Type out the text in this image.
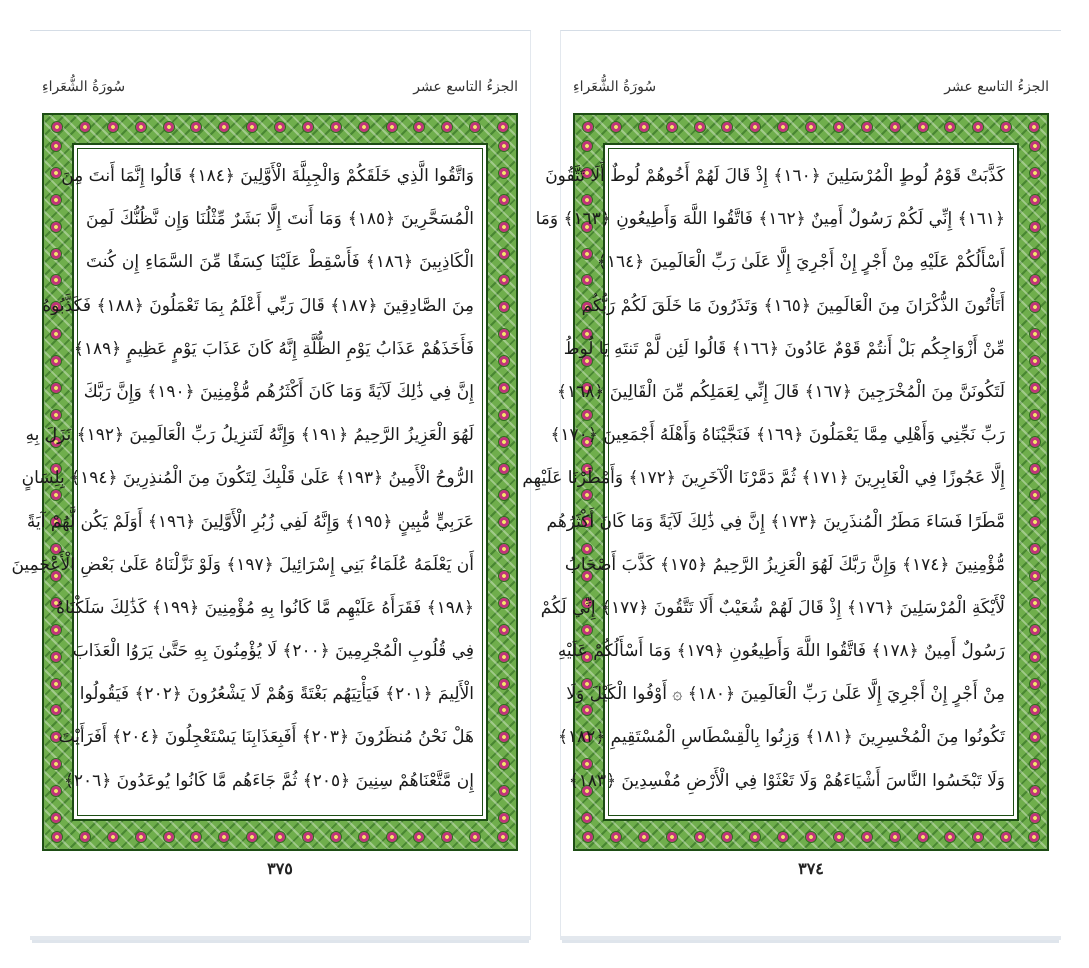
سُورَةُ الشُّعَراءِ	الجزءُ التاسع عشر
وَاتَّقُوا الَّذِي خَلَقَكُمْ وَالْجِبِلَّةَ الْأَوَّلِينَ ﴿١٨٤﴾ قَالُوا إِنَّمَا أَنتَ مِنَ
الْمُسَحَّرِينَ ﴿١٨٥﴾ وَمَا أَنتَ إِلَّا بَشَرٌ مِّثْلُنَا وَإِن نَّظُنُّكَ لَمِنَ
الْكَاذِبِينَ ﴿١٨٦﴾ فَأَسْقِطْ عَلَيْنَا كِسَفًا مِّنَ السَّمَاءِ إِن كُنتَ
مِنَ الصَّادِقِينَ ﴿١٨٧﴾ قَالَ رَبِّي أَعْلَمُ بِمَا تَعْمَلُونَ ﴿١٨٨﴾ فَكَذَّبُوهُ
فَأَخَذَهُمْ عَذَابُ يَوْمِ الظُّلَّةِ إِنَّهُ كَانَ عَذَابَ يَوْمٍ عَظِيمٍ ﴿١٨٩﴾
إِنَّ فِي ذَٰلِكَ لَآيَةً وَمَا كَانَ أَكْثَرُهُم مُّؤْمِنِينَ ﴿١٩٠﴾ وَإِنَّ رَبَّكَ
لَهُوَ الْعَزِيزُ الرَّحِيمُ ﴿١٩١﴾ وَإِنَّهُ لَتَنزِيلُ رَبِّ الْعَالَمِينَ ﴿١٩٢﴾ نَزَلَ بِهِ
الرُّوحُ الْأَمِينُ ﴿١٩٣﴾ عَلَىٰ قَلْبِكَ لِتَكُونَ مِنَ الْمُنذِرِينَ ﴿١٩٤﴾ بِلِسَانٍ
عَرَبِيٍّ مُّبِينٍ ﴿١٩٥﴾ وَإِنَّهُ لَفِي زُبُرِ الْأَوَّلِينَ ﴿١٩٦﴾ أَوَلَمْ يَكُن لَّهُمْ آيَةً
أَن يَعْلَمَهُ عُلَمَاءُ بَنِي إِسْرَائِيلَ ﴿١٩٧﴾ وَلَوْ نَزَّلْنَاهُ عَلَىٰ بَعْضِ الْأَعْجَمِينَ
﴿١٩٨﴾ فَقَرَأَهُ عَلَيْهِم مَّا كَانُوا بِهِ مُؤْمِنِينَ ﴿١٩٩﴾ كَذَٰلِكَ سَلَكْنَاهُ
فِي قُلُوبِ الْمُجْرِمِينَ ﴿٢٠٠﴾ لَا يُؤْمِنُونَ بِهِ حَتَّىٰ يَرَوُا الْعَذَابَ
الْأَلِيمَ ﴿٢٠١﴾ فَيَأْتِيَهُم بَغْتَةً وَهُمْ لَا يَشْعُرُونَ ﴿٢٠٢﴾ فَيَقُولُوا
هَلْ نَحْنُ مُنظَرُونَ ﴿٢٠٣﴾ أَفَبِعَذَابِنَا يَسْتَعْجِلُونَ ﴿٢٠٤﴾ أَفَرَأَيْتَ
إِن مَّتَّعْنَاهُمْ سِنِينَ ﴿٢٠٥﴾ ثُمَّ جَاءَهُم مَّا كَانُوا يُوعَدُونَ ﴿٢٠٦﴾
٣٧٥
سُورَةُ الشُّعَراءِ	الجزءُ التاسع عشر
كَذَّبَتْ قَوْمُ لُوطٍ الْمُرْسَلِينَ ﴿١٦٠﴾ إِذْ قَالَ لَهُمْ أَخُوهُمْ لُوطٌ أَلَا تَتَّقُونَ
﴿١٦١﴾ إِنِّي لَكُمْ رَسُولٌ أَمِينٌ ﴿١٦٢﴾ فَاتَّقُوا اللَّهَ وَأَطِيعُونِ ﴿١٦٣﴾ وَمَا
أَسْأَلُكُمْ عَلَيْهِ مِنْ أَجْرٍ إِنْ أَجْرِيَ إِلَّا عَلَىٰ رَبِّ الْعَالَمِينَ ﴿١٦٤﴾
أَتَأْتُونَ الذُّكْرَانَ مِنَ الْعَالَمِينَ ﴿١٦٥﴾ وَتَذَرُونَ مَا خَلَقَ لَكُمْ رَبُّكُم
مِّنْ أَزْوَاجِكُم بَلْ أَنتُمْ قَوْمٌ عَادُونَ ﴿١٦٦﴾ قَالُوا لَئِن لَّمْ تَنتَهِ يَا لُوطُ
لَتَكُونَنَّ مِنَ الْمُخْرَجِينَ ﴿١٦٧﴾ قَالَ إِنِّي لِعَمَلِكُم مِّنَ الْقَالِينَ ﴿١٦٨﴾
رَبِّ نَجِّنِي وَأَهْلِي مِمَّا يَعْمَلُونَ ﴿١٦٩﴾ فَنَجَّيْنَاهُ وَأَهْلَهُ أَجْمَعِينَ ﴿١٧٠﴾
إِلَّا عَجُوزًا فِي الْغَابِرِينَ ﴿١٧١﴾ ثُمَّ دَمَّرْنَا الْآخَرِينَ ﴿١٧٢﴾ وَأَمْطَرْنَا عَلَيْهِم
مَّطَرًا فَسَاءَ مَطَرُ الْمُنذَرِينَ ﴿١٧٣﴾ إِنَّ فِي ذَٰلِكَ لَآيَةً وَمَا كَانَ أَكْثَرُهُم
مُّؤْمِنِينَ ﴿١٧٤﴾ وَإِنَّ رَبَّكَ لَهُوَ الْعَزِيزُ الرَّحِيمُ ﴿١٧٥﴾ كَذَّبَ أَصْحَابُ
لْأَيْكَةِ الْمُرْسَلِينَ ﴿١٧٦﴾ إِذْ قَالَ لَهُمْ شُعَيْبٌ أَلَا تَتَّقُونَ ﴿١٧٧﴾ إِنِّي لَكُمْ
رَسُولٌ أَمِينٌ ﴿١٧٨﴾ فَاتَّقُوا اللَّهَ وَأَطِيعُونِ ﴿١٧٩﴾ وَمَا أَسْأَلُكُمْ عَلَيْهِ
مِنْ أَجْرٍ إِنْ أَجْرِيَ إِلَّا عَلَىٰ رَبِّ الْعَالَمِينَ ﴿١٨٠﴾ ۞ أَوْفُوا الْكَيْلَ وَلَا
تَكُونُوا مِنَ الْمُخْسِرِينَ ﴿١٨١﴾ وَزِنُوا بِالْقِسْطَاسِ الْمُسْتَقِيمِ ﴿١٨٢﴾
وَلَا تَبْخَسُوا النَّاسَ أَشْيَاءَهُمْ وَلَا تَعْثَوْا فِي الْأَرْضِ مُفْسِدِينَ ﴿١٨٣﴾
٣٧٤
